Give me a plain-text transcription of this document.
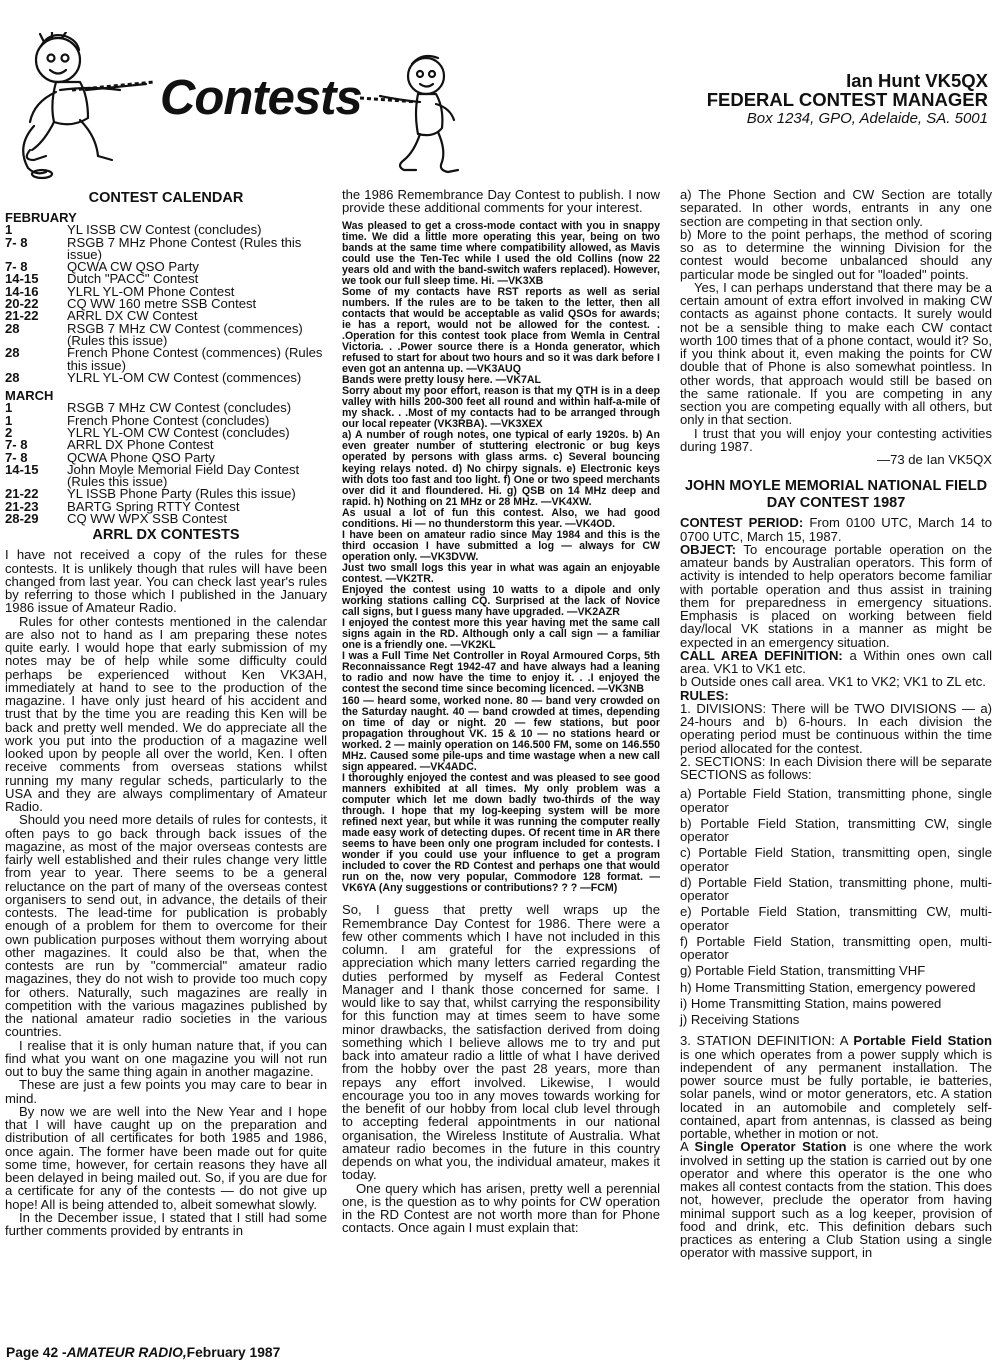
Contests	Ian Hunt VK5QX
FEDERAL CONTEST MANAGER
Box 1234, GPO, Adelaide, SA. 5001
CONTEST CALENDAR
FEBRUARY
1	YL ISSB CW Contest (concludes)
7- 8	RSGB 7 MHz Phone Contest (Rules this issue)
7- 8	QCWA CW QSO Party
14-15	Dutch "PACC" Contest
14-16	YLRL YL-OM Phone Contest
20-22	CQ WW 160 metre SSB Contest
21-22	ARRL DX CW Contest
28	RSGB 7 MHz CW Contest (commences) (Rules this issue)
28	French Phone Contest (commences) (Rules this issue)
28	YLRL YL-OM CW Contest (commences)
MARCH
1	RSGB 7 MHz CW Contest (concludes)
1	French Phone Contest (concludes)
2	YLRL YL-OM CW Contest (concludes)
7- 8	ARRL DX Phone Contest
7- 8	QCWA Phone QSO Party
14-15	John Moyle Memorial Field Day Contest (Rules this issue)
21-22	YL ISSB Phone Party (Rules this issue)
21-23	BARTG Spring RTTY Contest
28-29	CQ WW WPX SSB Contest
ARRL DX CONTESTS

I have not received a copy of the rules for these contests. It is unlikely though that rules will have been changed from last year. You can check last year's rules by referring to those which I published in the January 1986 issue of Amateur Radio.

Rules for other contests mentioned in the calendar are also not to hand as I am preparing these notes quite early. I would hope that early submission of my notes may be of help while some difficulty could perhaps be experienced without Ken VK3AH, immediately at hand to see to the production of the magazine. I have only just heard of his accident and trust that by the time you are reading this Ken will be back and pretty well mended. We do appreciate all the work you put into the production of a magazine well looked upon by people all over the world, Ken. I often receive comments from overseas stations whilst running my many regular scheds, particularly to the USA and they are always complimentary of Amateur Radio.

Should you need more details of rules for contests, it often pays to go back through back issues of the magazine, as most of the major overseas contests are fairly well established and their rules change very little from year to year. There seems to be a general reluctance on the part of many of the overseas contest organisers to send out, in advance, the details of their contests. The lead-time for publication is probably enough of a problem for them to overcome for their own publication purposes without them worrying about other magazines. It could also be that, when the contests are run by "commercial" amateur radio magazines, they do not wish to provide too much copy for others. Naturally, such magazines are really in competition with the various magazines published by the national amateur radio societies in the various countries.

I realise that it is only human nature that, if you can find what you want on one magazine you will not run out to buy the same thing again in another magazine.

These are just a few points you may care to bear in mind.

By now we are well into the New Year and I hope that I will have caught up on the preparation and distribution of all certificates for both 1985 and 1986, once again. The former have been made out for quite some time, however, for certain reasons they have all been delayed in being mailed out. So, if you are due for a certificate for any of the contests — do not give up hope! All is being attended to, albeit somewhat slowly.

In the December issue, I stated that I still had some further comments provided by entrants in

the 1986 Remembrance Day Contest to publish. I now provide these additional comments for your interest.

Was pleased to get a cross-mode contact with you in snappy time. We did a little more operating this year, being on two bands at the same time where compatibility allowed, as Mavis could use the Ten-Tec while I used the old Collins (now 22 years old and with the band-switch wafers replaced). However, we took our full sleep time. Hi. —VK3XB

Some of my contacts have RST reports as well as serial numbers. If the rules are to be taken to the letter, then all contacts that would be acceptable as valid QSOs for awards; ie has a report, would not be allowed for the contest. . .Operation for this contest took place from Wemla in Central Victoria. . .Power source there is a Honda generator, which refused to start for about two hours and so it was dark before I even got an antenna up. —VK3AUQ

Bands were pretty lousy here. —VK7AL

Sorry about my poor effort, reason is that my QTH is in a deep valley with hills 200-300 feet all round and within half-a-mile of my shack. . .Most of my contacts had to be arranged through our local repeater (VK3RBA). —VK3XEX

a) A number of rough notes, one typical of early 1920s. b) An even greater number of stuttering electronic or bug keys operated by persons with glass arms. c) Several bouncing keying relays noted. d) No chirpy signals. e) Electronic keys with dots too fast and too light. f) One or two speed merchants over did it and floundered. Hi. g) QSB on 14 MHz deep and rapid. h) Nothing on 21 MHz or 28 MHz. —VK4XW.

As usual a lot of fun this contest. Also, we had good conditions. Hi — no thunderstorm this year. —VK4OD.

I have been on amateur radio since May 1984 and this is the third occasion I have submitted a log — always for CW operation only. —VK3DVW.

Just two small logs this year in what was again an enjoyable contest. —VK2TR.

Enjoyed the contest using 10 watts to a dipole and only working stations calling CQ. Surprised at the lack of Novice call signs, but I guess many have upgraded. —VK2AZR

I enjoyed the contest more this year having met the same call signs again in the RD. Although only a call sign — a familiar one is a friendly one. —VK2KL

I was a Full Time Net Controller in Royal Armoured Corps, 5th Reconnaissance Regt 1942-47 and have always had a leaning to radio and now have the time to enjoy it. . .I enjoyed the contest the second time since becoming licenced. —VK3NB

160 — heard some, worked none. 80 — band very crowded on the Saturday naught. 40 — band crowded at times, depending on time of day or night. 20 — few stations, but poor propagation throughout VK. 15 & 10 — no stations heard or worked. 2 — mainly operation on 146.500 FM, some on 146.550 MHz. Caused some pile-ups and time wastage when a new call sign appeared. —VK4ADC.

I thoroughly enjoyed the contest and was pleased to see good manners exhibited at all times. My only problem was a computer which let me down badly two-thirds of the way through. I hope that my log-keeping system will be more refined next year, but while it was running the computer really made easy work of detecting dupes. Of recent time in AR there seems to have been only one program included for contests. I wonder if you could use your influence to get a program included to cover the RD Contest and perhaps one that would run on the, now very popular, Commodore 128 format. —VK6YA (Any suggestions or contributions? ? ? —FCM)

So, I guess that pretty well wraps up the Remembrance Day Contest for 1986. There were a few other comments which I have not included in this column. I am grateful for the expressions of appreciation which many letters carried regarding the duties performed by myself as Federal Contest Manager and I thank those concerned for same. I would like to say that, whilst carrying the responsibility for this function may at times seem to have some minor drawbacks, the satisfaction derived from doing something which I believe allows me to try and put back into amateur radio a little of what I have derived from the hobby over the past 28 years, more than repays any effort involved. Likewise, I would encourage you too in any moves towards working for the benefit of our hobby from local club level through to accepting federal appointments in our national organisation, the Wireless Institute of Australia. What amateur radio becomes in the future in this country depends on what you, the individual amateur, makes it today.

One query which has arisen, pretty well a perennial one, is the question as to why points for CW operation in the RD Contest are not worth more than for Phone contacts. Once again I must explain that:

a) The Phone Section and CW Section are totally separated. In other words, entrants in any one section are competing in that section only.

b) More to the point perhaps, the method of scoring so as to determine the winning Division for the contest would become unbalanced should any particular mode be singled out for "loaded" points.

Yes, I can perhaps understand that there may be a certain amount of extra effort involved in making CW contacts as against phone contacts. It surely would not be a sensible thing to make each CW contact worth 100 times that of a phone contact, would it? So, if you think about it, even making the points for CW double that of Phone is also somewhat pointless. In other words, that approach would still be based on the same rationale. If you are competing in any section you are competing equally with all others, but only in that section.

I trust that you will enjoy your contesting activities during 1987.

—73 de Ian VK5QX

JOHN MOYLE MEMORIAL NATIONAL FIELD DAY CONTEST 1987

CONTEST PERIOD: From 0100 UTC, March 14 to 0700 UTC, March 15, 1987.

OBJECT: To encourage portable operation on the amateur bands by Australian operators. This form of activity is intended to help operators become familiar with portable operation and thus assist in training them for preparedness in emergency situations. Emphasis is placed on working between field day/local VK stations in a manner as might be expected in an emergency situation.

CALL AREA DEFINITION: a Within ones own call area. VK1 to VK1 etc.

b Outside ones call area. VK1 to VK2; VK1 to ZL etc.

RULES:

1. DIVISIONS: There will be TWO DIVISIONS — a) 24-hours and b) 6-hours. In each division the operating period must be continuous within the time period allocated for the contest.

2. SECTIONS: In each Division there will be separate SECTIONS as follows:

a) Portable Field Station, transmitting phone, single operator

b) Portable Field Station, transmitting CW, single operator

c) Portable Field Station, transmitting open, single operator

d) Portable Field Station, transmitting phone, multi-operator

e) Portable Field Station, transmitting CW, multi-operator

f) Portable Field Station, transmitting open, multi-operator

g) Portable Field Station, transmitting VHF

h) Home Transmitting Station, emergency powered

i) Home Transmitting Station, mains powered

j) Receiving Stations

3. STATION DEFINITION: A Portable Field Station is one which operates from a power supply which is independent of any permanent installation. The power source must be fully portable, ie batteries, solar panels, wind or motor generators, etc. A station located in an automobile and completely self-contained, apart from antennas, is classed as being portable, whether in motion or not.

A Single Operator Station is one where the work involved in setting up the station is carried out by one operator and where this operator is the one who makes all contest contacts from the station. This does not, however, preclude the operator from having minimal support such as a log keeper, provision of food and drink, etc. This definition debars such practices as entering a Club Station using a single operator with massive support, in

Page 42 -AMATEUR RADIO,February 1987
